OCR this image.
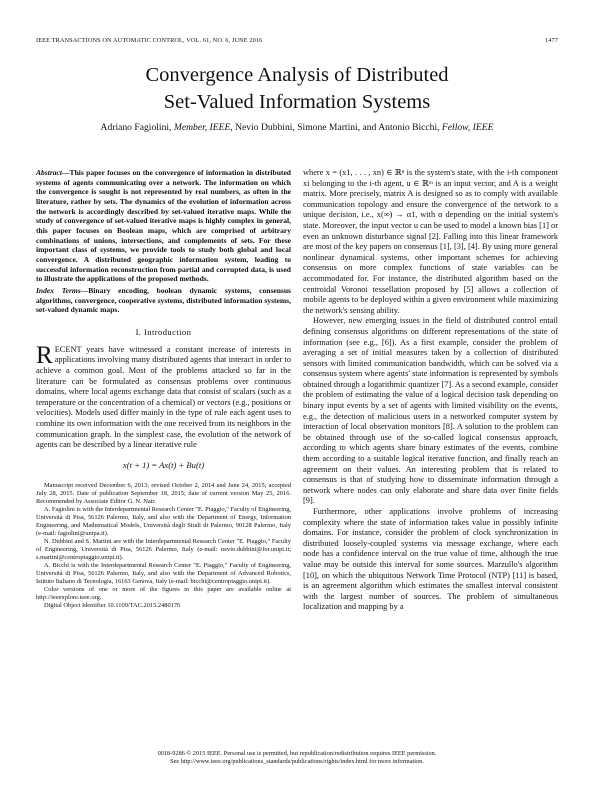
IEEE TRANSACTIONS ON AUTOMATIC CONTROL, VOL. 61, NO. 6, JUNE 2016	1477
Convergence Analysis of Distributed
Set-Valued Information Systems
Adriano Fagiolini, Member, IEEE, Nevio Dubbini, Simone Martini, and Antonio Bicchi, Fellow, IEEE
Abstract—This paper focuses on the convergence of information in distributed systems of agents communicating over a network. The information on which the convergence is sought is not represented by real numbers, as often in the literature, rather by sets. The dynamics of the evolution of information across the network is accordingly described by set-valued iterative maps. While the study of convergence of set-valued iterative maps is highly complex in general, this paper focuses on Boolean maps, which are comprised of arbitrary combinations of unions, intersections, and complements of sets. For these important class of systems, we provide tools to study both global and local convergence. A distributed geographic information system, leading to successful information reconstruction from partial and corrupted data, is used to illustrate the applications of the proposed methods.
Index Terms—Binary encoding, boolean dynamic systems, consensus algorithms, convergence, cooperative systems, distributed information systems, set-valued dynamic maps.
I. Introduction

RECENT years have witnessed a constant increase of interests in applications involving many distributed agents that interact in order to achieve a common goal. Most of the problems attacked so far in the literature can be formulated as consensus problems over continuous domains, where local agents exchange data that consist of scalars (such as a temperature or the concentration of a chemical) or vectors (e.g., positions or velocities). Models used differ mainly in the type of rule each agent uses to combine its own information with the one received from its neighbors in the communication graph. In the simplest case, the evolution of the network of agents can be described by a linear iterative rule

x(t + 1) = Ax(t) + Bu(t)

Manuscript received December 6, 2013; revised October 2, 2014 and June 24, 2015; accepted July 28, 2015. Date of publication September 18, 2015; date of current version May 25, 2016. Recommended by Associate Editor G. N. Nair.

A. Fagiolini is with the Interdepartmental Research Center "E. Piaggio," Faculty of Engineering, Università di Pisa, 56126 Palermo, Italy, and also with the Department of Energy, Information Engineering, and Mathematical Models, Università degli Studi di Palermo, 90128 Palermo, Italy (e-mail: fagiolini@unipa.it).

N. Dubbini and S. Martini are with the Interdepartmental Research Center "E. Piaggio," Faculty of Engineering, Università di Pisa, 56126 Palermo, Italy (e-mail: nevio.dubbini@for.unipi.it; s.martini@centropiaggio.unipi.it).

A. Bicchi is with the Interdepartmental Research Center "E. Piaggio," Faculty of Engineering, Università di Pisa, 56126 Palermo, Italy, and also with the Department of Advanced Robotics, Istituto Italiano di Tecnologia, 16163 Genova, Italy (e-mail: bicchi@centropiaggio.unipi.it).

Color versions of one or more of the figures in this paper are available online at http://ieeexplore.ieee.org.

Digital Object Identifier 10.1109/TAC.2015.2480176

where x = (x1, . . . , xn) ∈ ℝⁿ is the system's state, with the i-th component xi belonging to the i-th agent, u ∈ ℝᵐ is an input vector, and A is a weight matrix. More precisely, matrix A is designed so as to comply with available communication topology and ensure the convergence of the network to a unique decision, i.e., x(∞) → α1, with α depending on the initial system's state. Moreover, the input vector u can be used to model a known bias [1] or even an unknown disturbance signal [2]. Falling into this linear framework are most of the key papers on consensus [1], [3], [4]. By using more general nonlinear dynamical systems, other important schemes for achieving consensus on more complex functions of state variables can be accommodated for. For instance, the distributed algorithm based on the centroidal Voronoi tessellation proposed by [5] allows a collection of mobile agents to be deployed within a given environment while maximizing the network's sensing ability.

However, new emerging issues in the field of distributed control entail defining consensus algorithms on different representations of the state of information (see e.g., [6]). As a first example, consider the problem of averaging a set of initial measures taken by a collection of distributed sensors with limited communication bandwidth, which can be solved via a consensus system where agents' state information is represented by symbols obtained through a logarithmic quantizer [7]. As a second example, consider the problem of estimating the value of a logical decision task depending on binary input events by a set of agents with limited visibility on the events, e.g., the detection of malicious users in a networked computer system by interaction of local observation monitors [8]. A solution to the problem can be obtained through use of the so-called logical consensus approach, according to which agents share binary estimates of the events, combine them according to a suitable logical iterative function, and finally reach an agreement on their values. An interesting problem that is related to consensus is that of studying how to disseminate information through a network where nodes can only elaborate and share data over finite fields [9].

Furthermore, other applications involve problems of increasing complexity where the state of information takes value in possibly infinite domains. For instance, consider the problem of clock synchronization in distributed loosely-coupled systems via message exchange, where each node has a confidence interval on the true value of time, although the true value may be outside this interval for some sources. Marzullo's algorithm [10], on which the ubiquitous Network Time Protocol (NTP) [11] is based, is an agreement algorithm which estimates the smallest interval consistent with the largest number of sources. The problem of simultaneous localization and mapping by a

0018-9286 © 2015 IEEE. Personal use is permitted, but republication/redistribution requires IEEE permission.
See http://www.ieee.org/publications_standards/publications/rights/index.html for more information.
